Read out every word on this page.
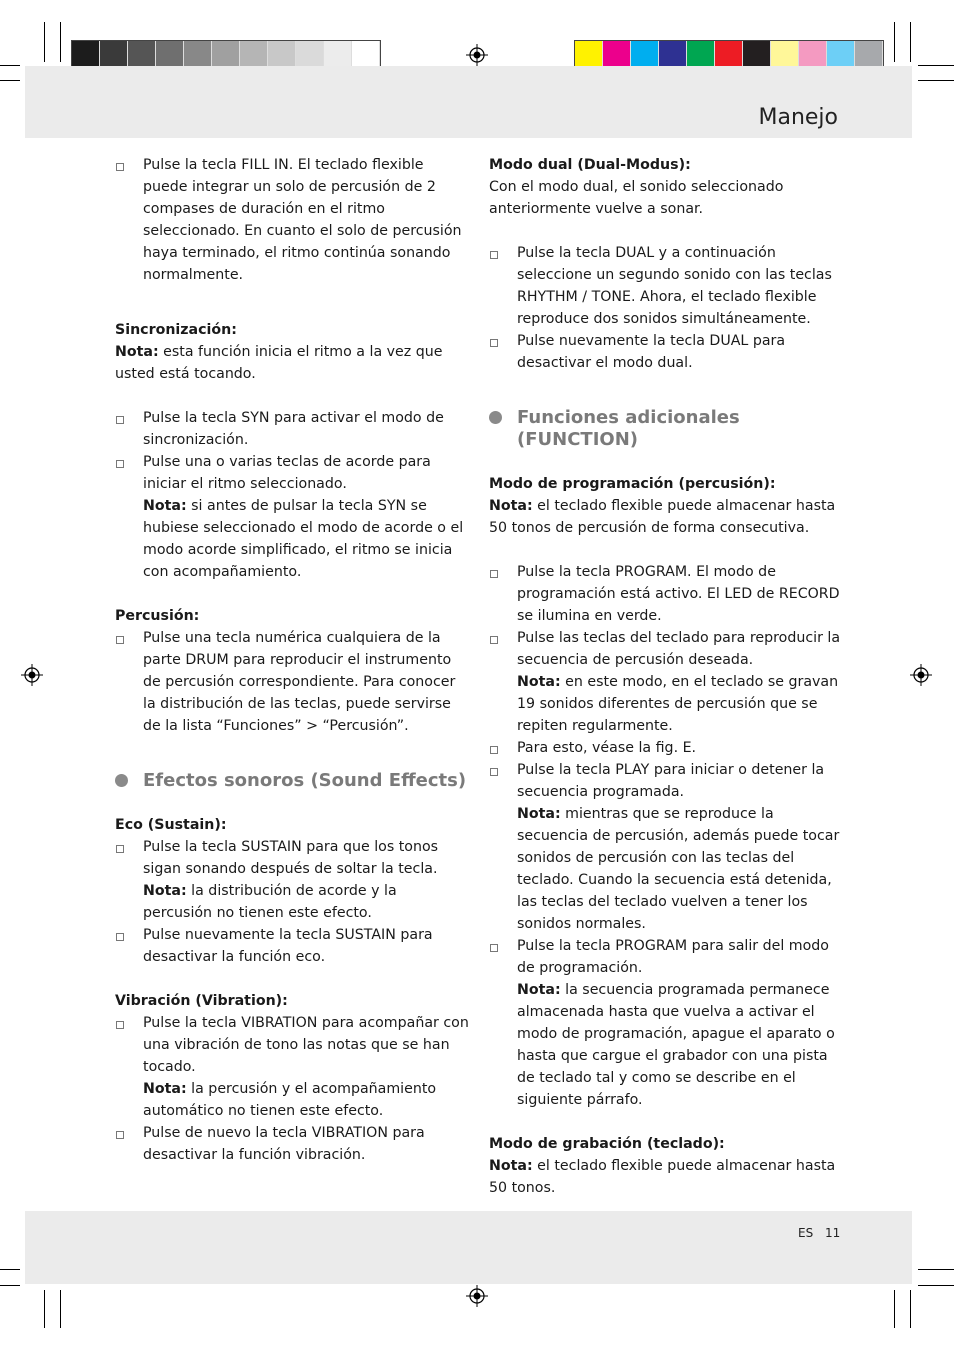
Manejo
Pulse la tecla FILL IN. El teclado flexible puede integrar un solo de percusión de 2 compases de duración en el ritmo seleccionado. En cuanto el solo de percusión haya terminado, el ritmo continúa sonando normalmente.
Sincronización:
Nota: esta función inicia el ritmo a la vez que usted está tocando.
Pulse la tecla SYN para activar el modo de sincronización.
Pulse una o varias teclas de acorde para iniciar el ritmo seleccionado.
Nota: si antes de pulsar la tecla SYN se hubiese seleccionado el modo de acorde o el modo acorde simplificado, el ritmo se inicia con acompañamiento.
Percusión:
Pulse una tecla numérica cualquiera de la parte DRUM para reproducir el instrumento de percusión correspondiente. Para conocer la distribución de las teclas, puede servirse de la lista “Funciones” > “Percusión”.
Efectos sonoros (Sound Effects)
Eco (Sustain):
Pulse la tecla SUSTAIN para que los tonos sigan sonando después de soltar la tecla.
Nota: la distribución de acorde y la percusión no tienen este efecto.
Pulse nuevamente la tecla SUSTAIN para desactivar la función eco.
Vibración (Vibration):
Pulse la tecla VIBRATION para acompañar con una vibración de tono las notas que se han tocado.
Nota: la percusión y el acompañamiento automático no tienen este efecto.
Pulse de nuevo la tecla VIBRATION para desactivar la función vibración.
Modo dual (Dual-Modus):
Con el modo dual, el sonido seleccionado anteriormente vuelve a sonar.
Pulse la tecla DUAL y a continuación seleccione un segundo sonido con las teclas RHYTHM / TONE. Ahora, el teclado flexible reproduce dos sonidos simultáneamente.
Pulse nuevamente la tecla DUAL para desactivar el modo dual.
Funciones adicionales (FUNCTION)
Modo de programación (percusión):
Nota: el teclado flexible puede almacenar hasta 50 tonos de percusión de forma consecutiva.
Pulse la tecla PROGRAM. El modo de programación está activo. El LED de RECORD se ilumina en verde.
Pulse las teclas del teclado para reproducir la secuencia de percusión deseada.
Nota: en este modo, en el teclado se gravan 19 sonidos diferentes de percusión que se repiten regularmente.
Para esto, véase la fig. E.
Pulse la tecla PLAY para iniciar o detener la secuencia programada.
Nota: mientras que se reproduce la secuencia de percusión, además puede tocar sonidos de percusión con las teclas del teclado. Cuando la secuencia está detenida, las teclas del teclado vuelven a tener los sonidos normales.
Pulse la tecla PROGRAM para salir del modo de programación.
Nota: la secuencia programada permanece almacenada hasta que vuelva a activar el modo de programación, apague el aparato o hasta que cargue el grabador con una pista de teclado tal y como se describe en el siguiente párrafo.
Modo de grabación (teclado):
Nota: el teclado flexible puede almacenar hasta 50 tonos.
ES 11
